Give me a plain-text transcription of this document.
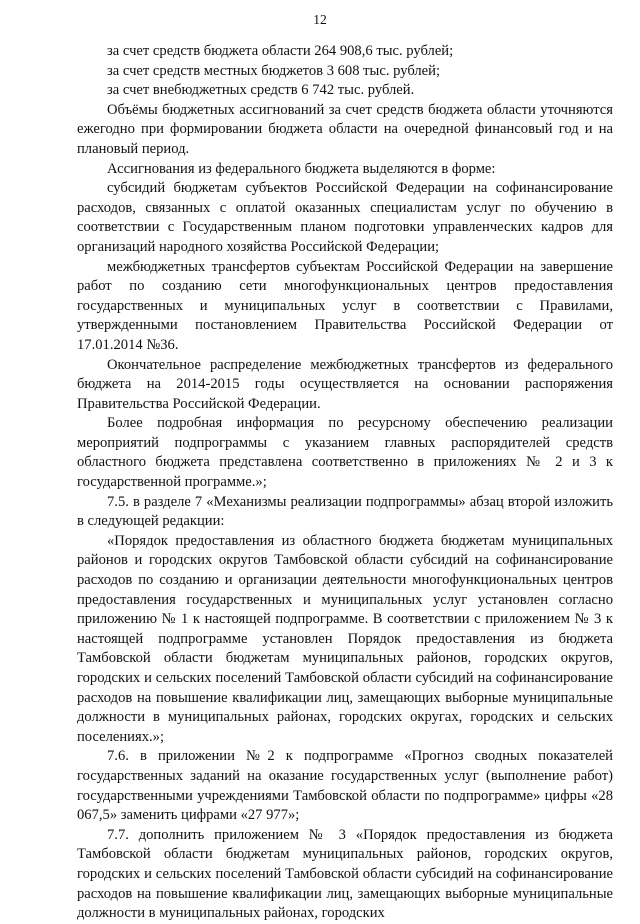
12

за счет средств бюджета области 264 908,6 тыс. рублей;

за счет средств местных бюджетов 3 608 тыс. рублей;

за счет внебюджетных средств 6 742 тыс. рублей.

Объёмы бюджетных ассигнований за счет средств бюджета области уточняются ежегодно при формировании бюджета области на очередной финансовый год и на плановый период.

Ассигнования из федерального бюджета выделяются в форме:

субсидий бюджетам субъектов Российской Федерации на софинансирование расходов, связанных с оплатой оказанных специалистам услуг по обучению в соответствии с Государственным планом подготовки управленческих кадров для организаций народного хозяйства Российской Федерации;

межбюджетных трансфертов субъектам Российской Федерации на завершение работ по созданию сети многофункциональных центров предоставления государственных и муниципальных услуг в соответствии с Правилами, утвержденными постановлением Правительства Российской Федерации от 17.01.2014 №36.

Окончательное распределение межбюджетных трансфертов из федерального бюджета на 2014-2015 годы осуществляется на основании распоряжения Правительства Российской Федерации.

Более подробная информация по ресурсному обеспечению реализации мероприятий подпрограммы с указанием главных распорядителей средств областного бюджета представлена соответственно в приложениях № 2 и 3 к государственной программе.»;

7.5. в разделе 7 «Механизмы реализации подпрограммы» абзац второй изложить в следующей редакции:

«Порядок предоставления из областного бюджета бюджетам муниципальных районов и городских округов Тамбовской области субсидий на софинансирование расходов по созданию и организации деятельности многофункциональных центров предоставления государственных и муниципальных услуг установлен согласно приложению № 1 к настоящей подпрограмме. В соответствии с приложением № 3 к настоящей подпрограмме установлен Порядок предоставления из бюджета Тамбовской области бюджетам муниципальных районов, городских округов, городских и сельских поселений Тамбовской области субсидий на софинансирование расходов на повышение квалификации лиц, замещающих выборные муниципальные должности в муниципальных районах, городских округах, городских и сельских поселениях.»;

7.6. в приложении №2 к подпрограмме «Прогноз сводных показателей государственных заданий на оказание государственных услуг (выполнение работ) государственными учреждениями Тамбовской области по подпрограмме» цифры «28 067,5» заменить цифрами «27 977»;

7.7. дополнить приложением № 3 «Порядок предоставления из бюджета Тамбовской области бюджетам муниципальных районов, городских округов, городских и сельских поселений Тамбовской области субсидий на софинансирование расходов на повышение квалификации лиц, замещающих выборные муниципальные должности в муниципальных районах, городских
